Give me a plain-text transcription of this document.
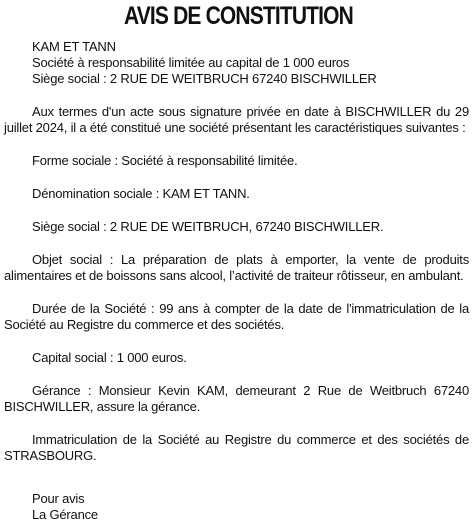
AVIS DE CONSTITUTION
KAM ET TANN
Société à responsabilité limitée au capital de 1 000 euros
Siège social : 2 RUE DE WEITBRUCH 67240 BISCHWILLER

Aux termes d'un acte sous signature privée en date à BISCHWILLER du 29 juillet 2024, il a été constitué une société présentant les caractéristiques suivantes :

Forme sociale : Société à responsabilité limitée.

Dénomination sociale : KAM ET TANN.

Siège social : 2 RUE DE WEITBRUCH, 67240 BISCHWILLER.

Objet social : La préparation de plats à emporter, la vente de produits alimentaires et de boissons sans alcool, l’activité de traiteur rôtisseur, en ambulant.

Durée de la Société : 99 ans à compter de la date de l'immatriculation de la Société au Registre du commerce et des sociétés.

Capital social : 1 000 euros.

Gérance : Monsieur Kevin KAM, demeurant 2 Rue de Weitbruch 67240 BISCHWILLER, assure la gérance.

Immatriculation de la Société au Registre du commerce et des sociétés de STRASBOURG.

Pour avis
La Gérance
